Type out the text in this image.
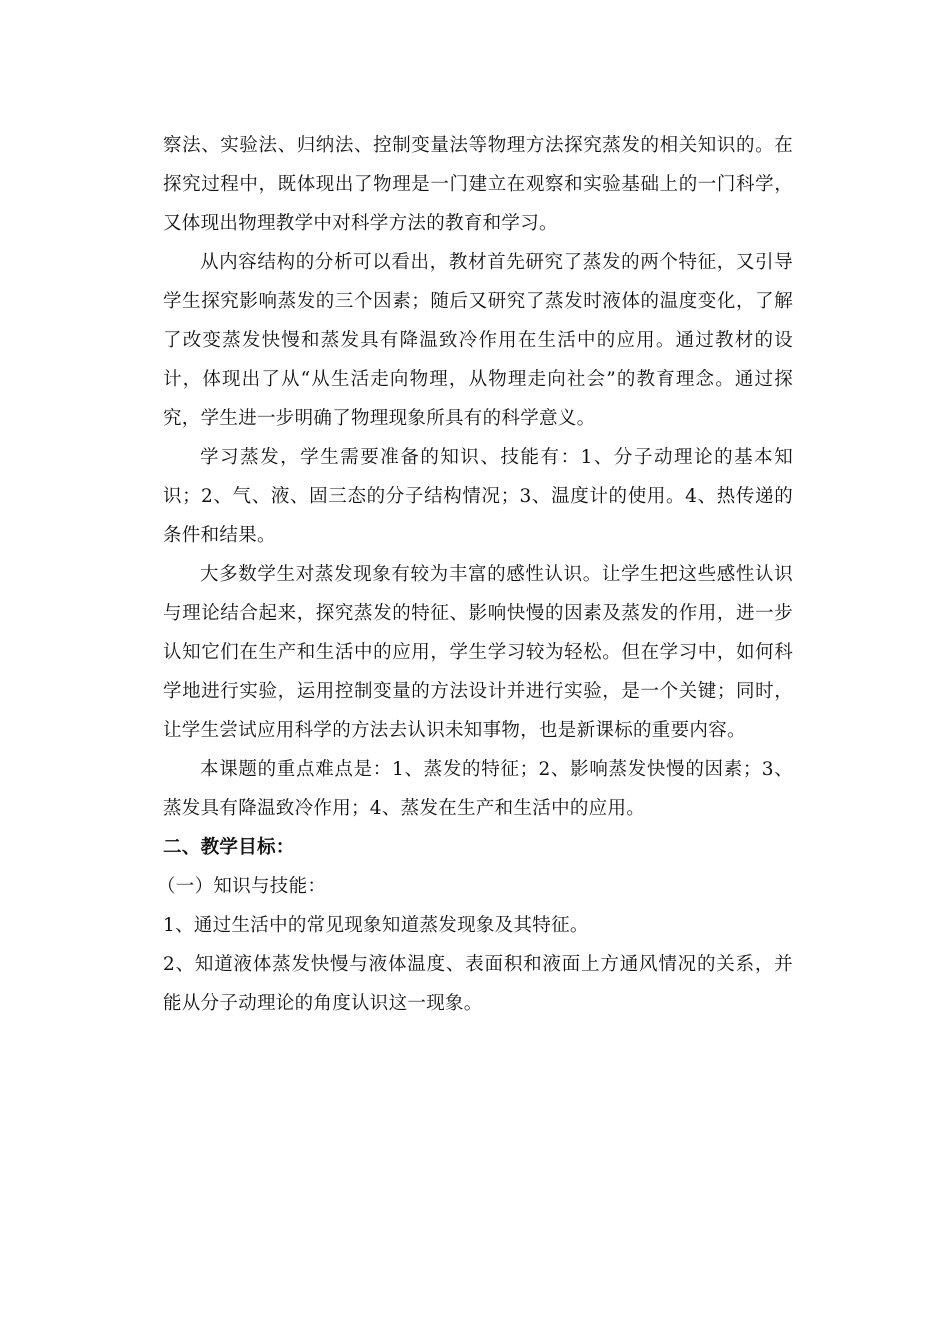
察法、实验法、归纳法、控制变量法等物理方法探究蒸发的相关知识的。在探究过程中，既体现出了物理是一门建立在观察和实验基础上的一门科学，又体现出物理教学中对科学方法的教育和学习。

从内容结构的分析可以看出，教材首先研究了蒸发的两个特征，又引导学生探究影响蒸发的三个因素；随后又研究了蒸发时液体的温度变化，了解了改变蒸发快慢和蒸发具有降温致冷作用在生活中的应用。通过教材的设计，体现出了从“从生活走向物理，从物理走向社会”的教育理念。通过探究，学生进一步明确了物理现象所具有的科学意义。

学习蒸发，学生需要准备的知识、技能有：1、分子动理论的基本知识；2、气、液、固三态的分子结构情况；3、温度计的使用。4、热传递的条件和结果。

大多数学生对蒸发现象有较为丰富的感性认识。让学生把这些感性认识与理论结合起来，探究蒸发的特征、影响快慢的因素及蒸发的作用，进一步认知它们在生产和生活中的应用，学生学习较为轻松。但在学习中，如何科学地进行实验，运用控制变量的方法设计并进行实验，是一个关键；同时，让学生尝试应用科学的方法去认识未知事物，也是新课标的重要内容。

本课题的重点难点是：1、蒸发的特征；2、影响蒸发快慢的因素；3、蒸发具有降温致冷作用；4、蒸发在生产和生活中的应用。

二、教学目标：

（一）知识与技能：

1、通过生活中的常见现象知道蒸发现象及其特征。

2、知道液体蒸发快慢与液体温度、表面积和液面上方通风情况的关系，并能从分子动理论的角度认识这一现象。
